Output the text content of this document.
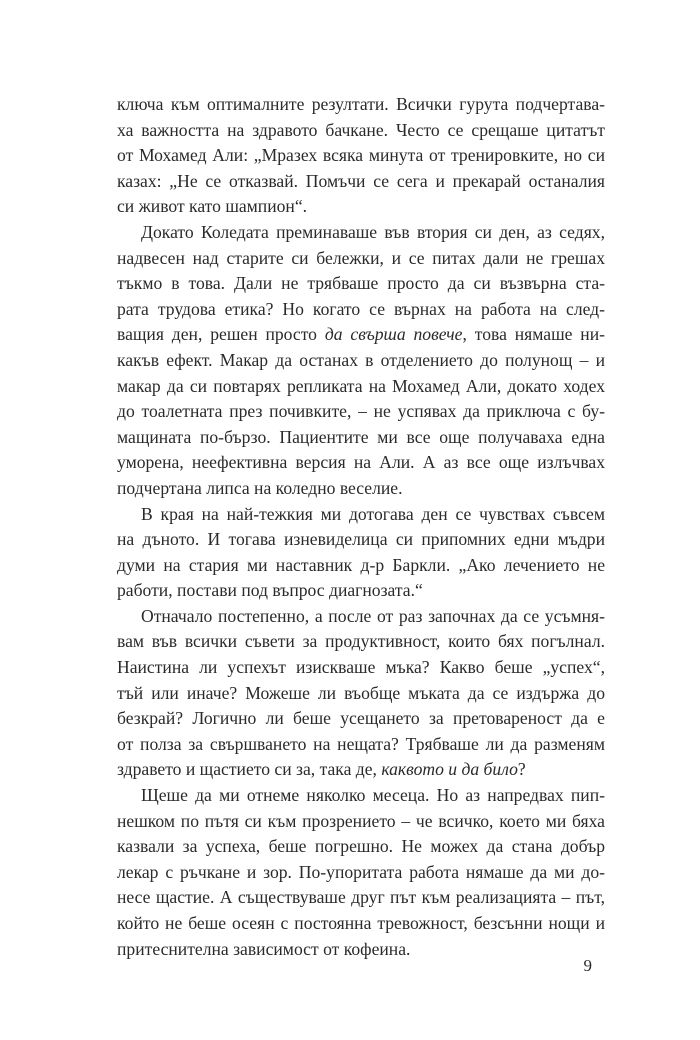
ключа към оптималните резултати. Всички гурута подчертава-
ха важността на здравото бачкане. Често се срещаше цитатът
от Мохамед Али: „Мразех всяка минута от тренировките, но си
казах: „Не се отказвай. Помъчи се сега и прекарай останалия
си живот като шампион“.

Докато Коледата преминаваше във втория си ден, аз седях,
надвесен над старите си бележки, и се питах дали не грешах
тъкмо в това. Дали не трябваше просто да си възвърна ста-
рата трудова етика? Но когато се върнах на работа на след-
ващия ден, решен просто да свърша повече, това нямаше ни-
какъв ефект. Макар да останах в отделението до полунощ – и
макар да си повтарях репликата на Мохамед Али, докато ходех
до тоалетната през почивките, – не успявах да приключа с бу-
мащината по-бързо. Пациентите ми все още получаваха една
уморена, неефективна версия на Али. А аз все още излъчвах
подчертана липса на коледно веселие.

В края на най-тежкия ми дотогава ден се чувствах съвсем
на дъното. И тогава изневиделица си припомних едни мъдри
думи на стария ми наставник д-р Баркли. „Ако лечението не
работи, постави под въпрос диагнозата.“

Отначало постепенно, а после от раз започнах да се усъмня-
вам във всички съвети за продуктивност, които бях погълнал.
Наистина ли успехът изискваше мъка? Какво беше „успех“,
тъй или иначе? Можеше ли въобще мъката да се издържа до
безкрай? Логично ли беше усещането за претовареност да е
от полза за свършването на нещата? Трябваше ли да разменям
здравето и щастието си за, така де, каквото и да било?

Щеше да ми отнеме няколко месеца. Но аз напредвах пип-
нешком по пътя си към прозрението – че всичко, което ми бяха
казвали за успеха, беше погрешно. Не можех да стана добър
лекар с ръчкане и зор. По-упоритата работа нямаше да ми до-
несе щастие. А съществуваше друг път към реализацията – път,
който не беше осеян с постоянна тревожност, безсънни нощи и
притеснителна зависимост от кофеина.

9
